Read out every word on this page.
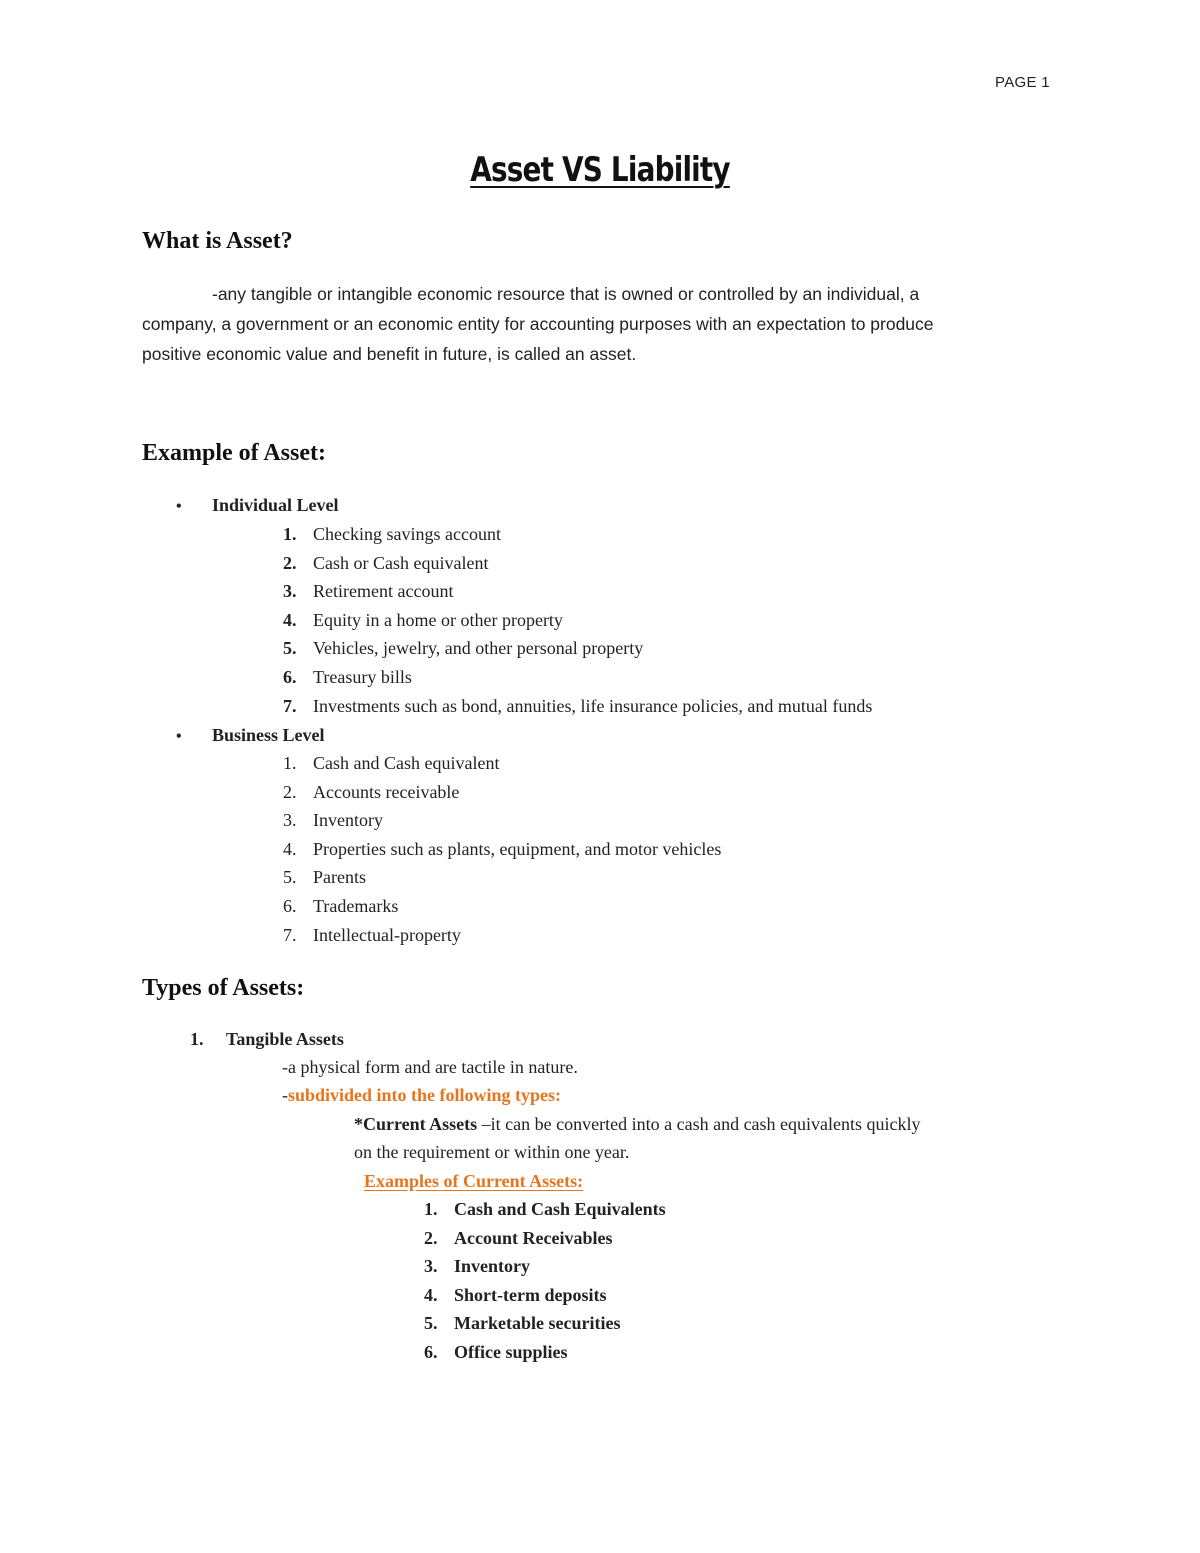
PAGE 1
Asset VS Liability
What is Asset?
-any tangible or intangible economic resource that is owned or controlled by an individual, a
company, a government or an economic entity for accounting purposes with an expectation to produce
positive economic value and benefit in future, is called an asset.
Example of Asset:
• Individual Level
1. Checking savings account
2. Cash or Cash equivalent
3. Retirement account
4. Equity in a home or other property
5. Vehicles, jewelry, and other personal property
6. Treasury bills
7. Investments such as bond, annuities, life insurance policies, and mutual funds
• Business Level
1. Cash and Cash equivalent
2. Accounts receivable
3. Inventory
4. Properties such as plants, equipment, and motor vehicles
5. Parents
6. Trademarks
7. Intellectual-property
Types of Assets:
1. Tangible Assets
-a physical form and are tactile in nature.
-subdivided into the following types:
*Current Assets –it can be converted into a cash and cash equivalents quickly
on the requirement or within one year.
Examples of Current Assets:
1. Cash and Cash Equivalents
2. Account Receivables
3. Inventory
4. Short-term deposits
5. Marketable securities
6. Office supplies
